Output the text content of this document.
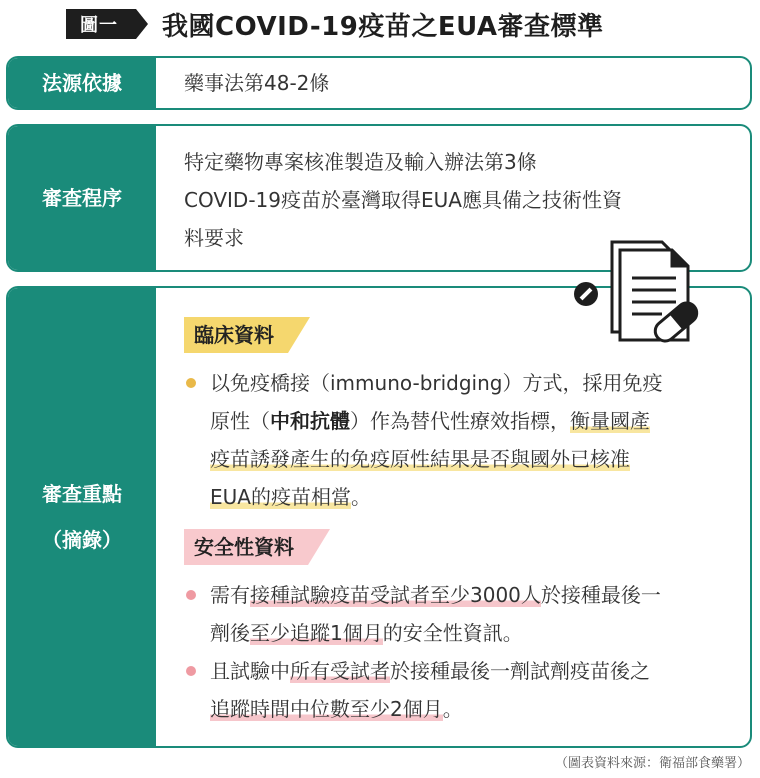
圖一	我國COVID-19疫苗之EUA審查標準
法源依據	藥事法第48-2條
審查程序
特定藥物專案核准製造及輸入辦法第3條
COVID-19疫苗於臺灣取得EUA應具備之技術性資
料要求
審查重點
（摘錄）
臨床資料
以免疫橋接（immuno-bridging）方式，採用免疫
原性（中和抗體）作為替代性療效指標，衡量國產
疫苗誘發產生的免疫原性結果是否與國外已核准
EUA的疫苗相當。
安全性資料
需有接種試驗疫苗受試者至少3000人於接種最後一
劑後至少追蹤1個月的安全性資訊。
且試驗中所有受試者於接種最後一劑試劑疫苗後之
追蹤時間中位數至少2個月。
（圖表資料來源：衛福部食藥署）
